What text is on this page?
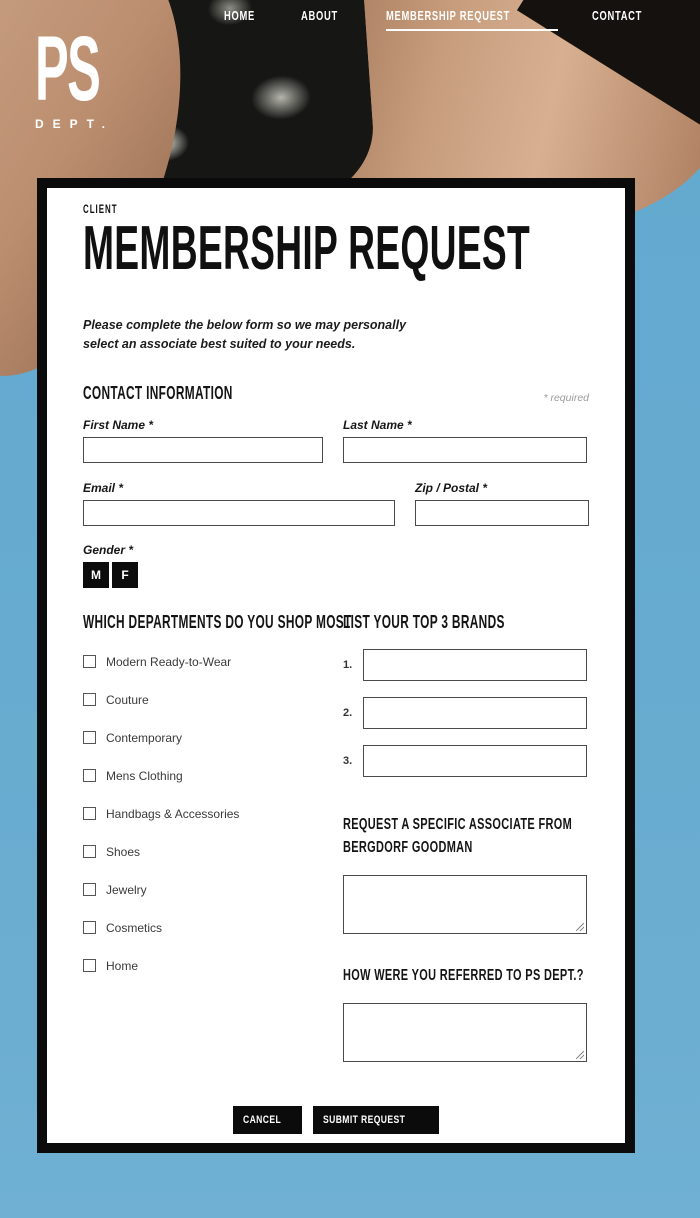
HOME	ABOUT	MEMBERSHIP REQUEST	CONTACT
PS
DEPT.
CLIENT
MEMBERSHIP REQUEST

Please complete the below form so we may personally select an associate best suited to your needs.

CONTACT INFORMATION	* required
First Name *	Last Name *
Email *	Zip / Postal *
Gender *
M	F
WHICH DEPARTMENTS DO YOU SHOP MOST
Modern Ready-to-Wear
Couture
Contemporary
Mens Clothing
Handbags & Accessories
Shoes
Jewelry
Cosmetics
Home
LIST YOUR TOP 3 BRANDS
1.
2.
3.
REQUEST A SPECIFIC ASSOCIATE FROM BERGDORF GOODMAN
HOW WERE YOU REFERRED TO PS DEPT.?
CANCEL	SUBMIT REQUEST
